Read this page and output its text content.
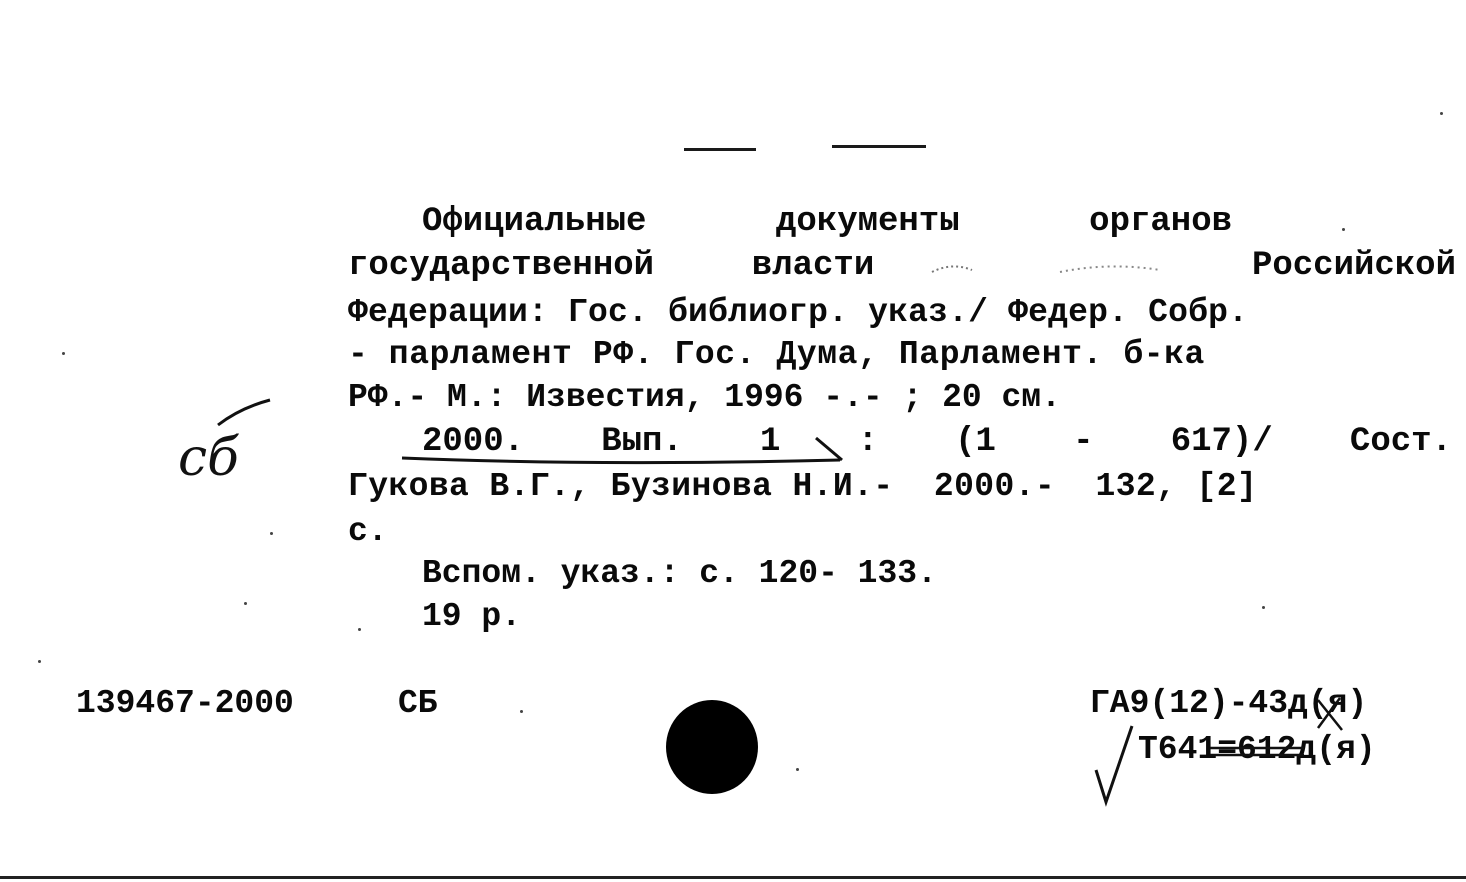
Официальные	документы	органов
государственной	власти	Российской
Федерации: Гос. библиогр. указ./ Федер. Собр.
- парламент РФ. Гос. Дума, Парламент. б-ка
РФ.- М.: Известия, 1996 -.- ; 20 см.
2000. Вып. 1 : (1 - 617)/ Сост.
Гукова В.Г., Бузинова Н.И.-  2000.-  132, [2]
с.
Вспом. указ.: с. 120- 133.
19 р.
139467-2000	СБ	ГА9(12)-43д(я)
Т641=612д(я)
сб
